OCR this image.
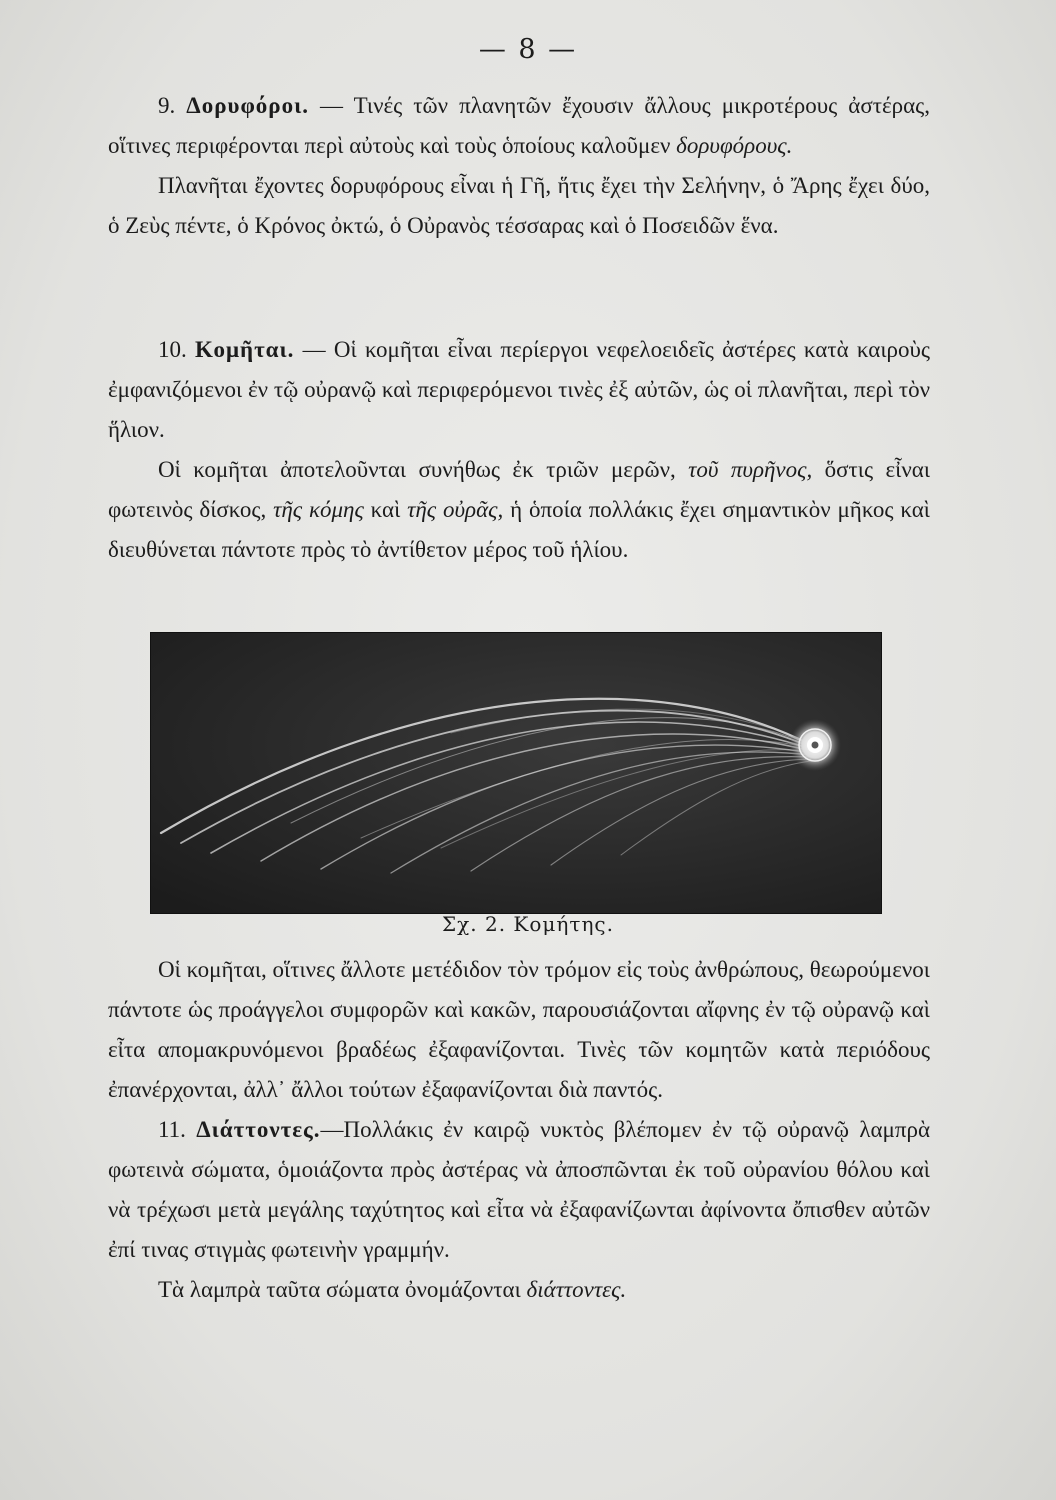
— 8 —

9. Δορυφόροι. — Τινές τῶν πλανητῶν ἔχουσιν ἄλλους μικροτέρους ἀστέρας, οἵτινες περιφέρονται περὶ αὐτοὺς καὶ τοὺς ὁποίους καλοῦμεν δορυφόρους.

Πλανῆται ἔχοντες δορυφόρους εἶναι ἡ Γῆ, ἥτις ἔχει τὴν Σελήνην, ὁ Ἄρης ἔχει δύο, ὁ Ζεὺς πέντε, ὁ Κρόνος ὀκτώ, ὁ Οὐρανὸς τέσσαρας καὶ ὁ Ποσειδῶν ἕνα.

10. Κομῆται. — Οἱ κομῆται εἶναι περίεργοι νεφελοειδεῖς ἀστέρες κατὰ καιροὺς ἐμφανιζόμενοι ἐν τῷ οὐρανῷ καὶ περιφερόμενοι τινὲς ἐξ αὐτῶν, ὡς οἱ πλανῆται, περὶ τὸν ἥλιον.

Οἱ κομῆται ἀποτελοῦνται συνήθως ἐκ τριῶν μερῶν, τοῦ πυρῆνος, ὅστις εἶναι φωτεινὸς δίσκος, τῆς κόμης καὶ τῆς οὐρᾶς, ἡ ὁποία πολλάκις ἔχει σημαντικὸν μῆκος καὶ διευθύνεται πάντοτε πρὸς τὸ ἀντίθετον μέρος τοῦ ἡλίου.

Σχ. 2. Κομήτης.

Οἱ κομῆται, οἵτινες ἄλλοτε μετέδιδον τὸν τρόμον εἰς τοὺς ἀνθρώπους, θεωρούμενοι πάντοτε ὡς προάγγελοι συμφορῶν καὶ κακῶν, παρουσιάζονται αἴφνης ἐν τῷ οὐρανῷ καὶ εἶτα απομακρυνόμενοι βραδέως ἐξαφανίζονται. Τινὲς τῶν κομητῶν κατὰ περιόδους ἐπανέρχονται, ἀλλ᾽ ἄλλοι τούτων ἐξαφανίζονται διὰ παντός.

11. Διάττοντες.—Πολλάκις ἐν καιρῷ νυκτὸς βλέπομεν ἐν τῷ οὐρανῷ λαμπρὰ φωτεινὰ σώματα, ὁμοιάζοντα πρὸς ἀστέρας νὰ ἀποσπῶνται ἐκ τοῦ οὐρανίου θόλου καὶ νὰ τρέχωσι μετὰ μεγάλης ταχύτητος καὶ εἶτα νὰ ἐξαφανίζωνται ἀφίνοντα ὄπισθεν αὐτῶν ἐπί τινας στιγμὰς φωτεινὴν γραμμήν.

Τὰ λαμπρὰ ταῦτα σώματα ὀνομάζονται διάττοντες.
